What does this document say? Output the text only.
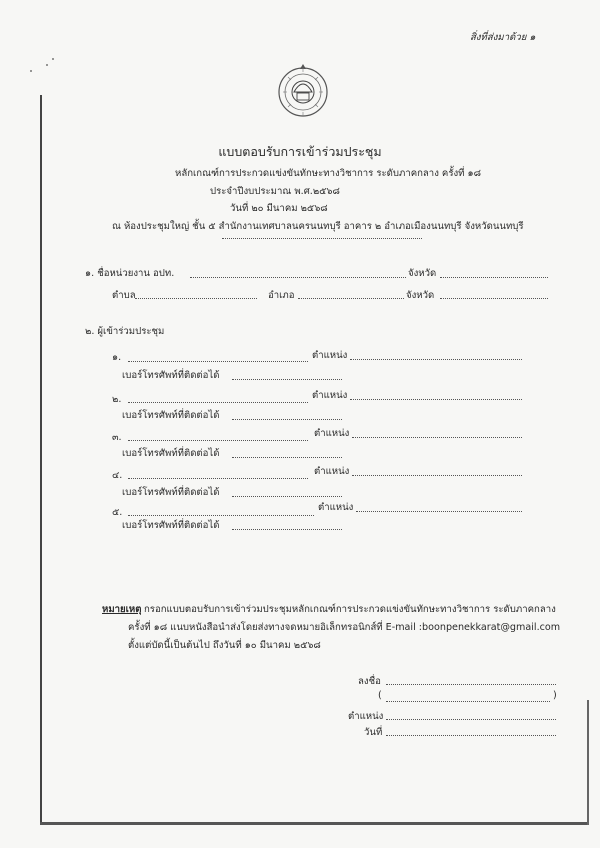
สิ่งที่ส่งมาด้วย ๑
แบบตอบรับการเข้าร่วมประชุม
หลักเกณฑ์การประกวดแข่งขันทักษะทางวิชาการ ระดับภาคกลาง ครั้งที่ ๑๘
ประจำปีงบประมาณ พ.ศ.๒๕๖๘
วันที่ ๒๐ มีนาคม ๒๕๖๘
ณ ห้องประชุมใหญ่ ชั้น ๕ สำนักงานเทศบาลนครนนทบุรี อาคาร ๒ อำเภอเมืองนนทบุรี จังหวัดนนทบุรี
๑. ชื่อหน่วยงาน อปท.	จังหวัด
ตำบล	อำเภอ	จังหวัด
๒. ผู้เข้าร่วมประชุม
๑.	ตำแหน่ง
เบอร์โทรศัพท์ที่ติดต่อได้
๒.	ตำแหน่ง
เบอร์โทรศัพท์ที่ติดต่อได้
๓.	ตำแหน่ง
เบอร์โทรศัพท์ที่ติดต่อได้
๔.	ตำแหน่ง
เบอร์โทรศัพท์ที่ติดต่อได้
๕.	ตำแหน่ง
เบอร์โทรศัพท์ที่ติดต่อได้
หมายเหตุ กรอกแบบตอบรับการเข้าร่วมประชุมหลักเกณฑ์การประกวดแข่งขันทักษะทางวิชาการ ระดับภาคกลาง
ครั้งที่ ๑๘ แนบหนังสือนำส่งโดยส่งทางจดหมายอิเล็กทรอนิกส์ที่ E-mail :boonpenekkarat@gmail.com
ตั้งแต่บัดนี้เป็นต้นไป ถึงวันที่ ๑๐ มีนาคม ๒๕๖๘
ลงชื่อ
(	)
ตำแหน่ง
วันที่
